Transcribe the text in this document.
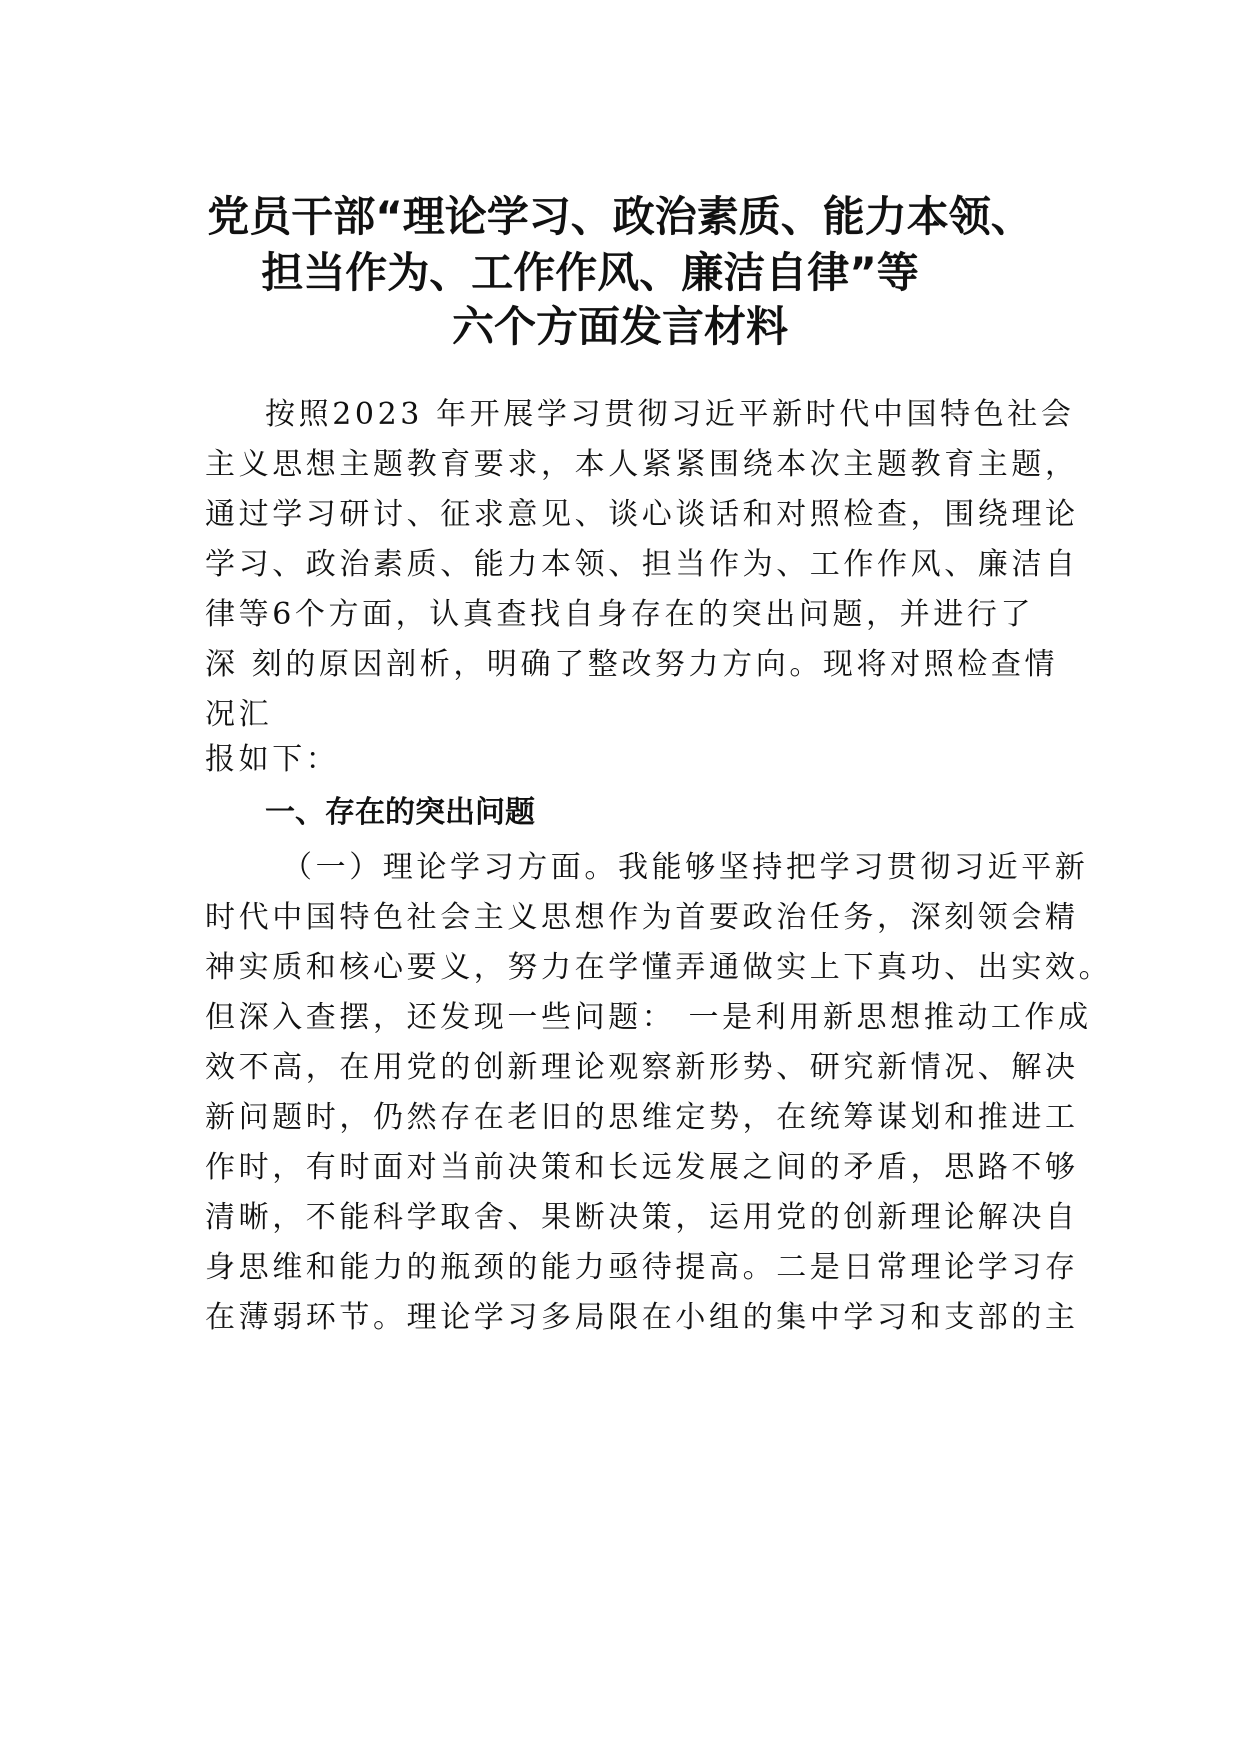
党员干部“理论学习、政治素质、能力本领、
担当作为、工作作风、廉洁自律”等
六个方面发言材料
按照2023 年开展学习贯彻习近平新时代中国特色社会
主义思想主题教育要求，本人紧紧围绕本次主题教育主题，
通过学习研讨、征求意见、谈心谈话和对照检查，围绕理论
学习、政治素质、能力本领、担当作为、工作作风、廉洁自
律等6个方面，认真查找自身存在的突出问题，并进行了
深 刻的原因剖析，明确了整改努力方向。现将对照检查情
况汇
报如下：
一、存在的突出问题
（一）理论学习方面。我能够坚持把学习贯彻习近平新
时代中国特色社会主义思想作为首要政治任务，深刻领会精
神实质和核心要义，努力在学懂弄通做实上下真功、出实效。
但深入查摆，还发现一些问题： 一是利用新思想推动工作成
效不高，在用党的创新理论观察新形势、研究新情况、解决
新问题时，仍然存在老旧的思维定势，在统筹谋划和推进工
作时，有时面对当前决策和长远发展之间的矛盾，思路不够
清晰，不能科学取舍、果断决策，运用党的创新理论解决自
身思维和能力的瓶颈的能力亟待提高。二是日常理论学习存
在薄弱环节。理论学习多局限在小组的集中学习和支部的主
